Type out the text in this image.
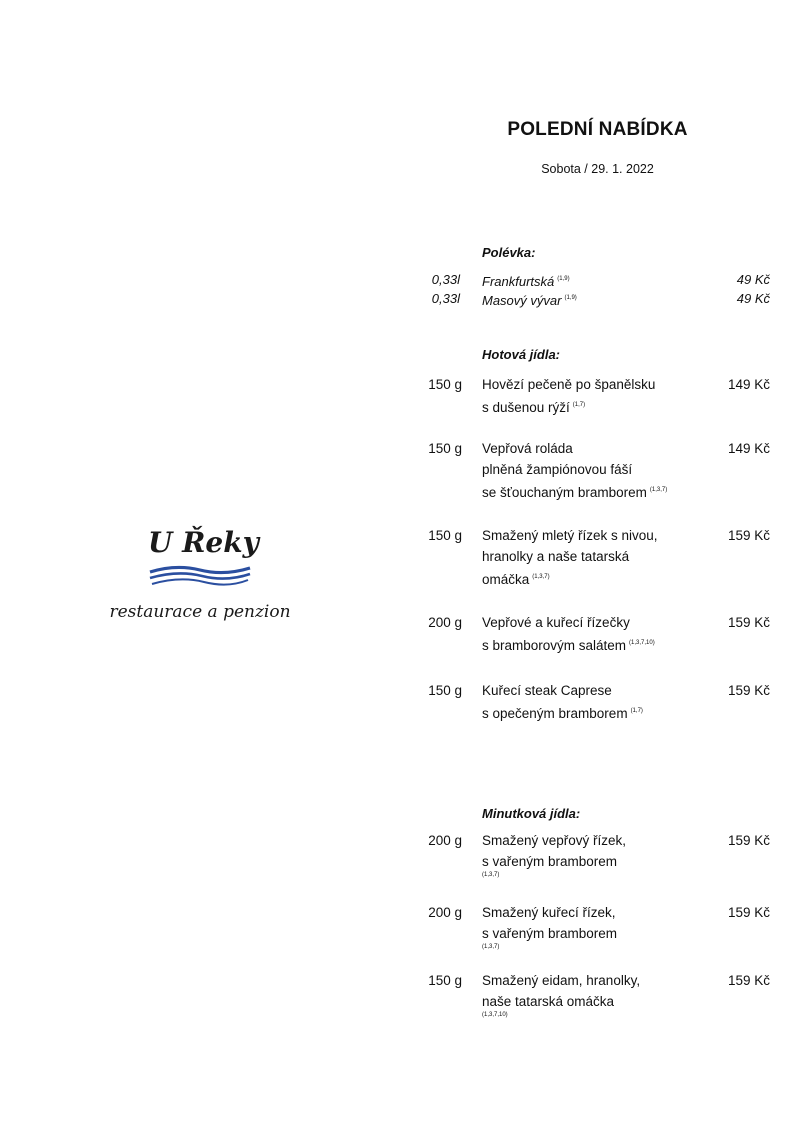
POLEDNÍ NABÍDKA
Sobota / 29. 1. 2022
U Řeky
restaurace a penzion
Polévka:
0,33l Frankfurtská $^{(1,9)}$	49 Kč
0,33l Masový vývar $^{(1,9)}$	49 Kč
Hotová jídla:
150 g Hovězí pečeně po španělsku
s dušenou rýží $^{(1,7)}$
149 Kč
150 g Vepřová roláda
plněná žampiónovou fáší
se šťouchaným bramborem $^{(1,3,7)}$
149 Kč
150 g Smažený mletý řízek s nivou,
hranolky a naše tatarská
omáčka $^{(1,3,7)}$
159 Kč
200 g Vepřové a kuřecí řízečky
s bramborovým salátem $^{(1,3,7,10)}$
159 Kč
150 g Kuřecí steak Caprese
s opečeným bramborem $^{(1,7)}$
159 Kč
Minutková jídla:
200 g Smažený vepřový řízek,
s vařeným bramborem
(1,3,7)
159 Kč
200 g Smažený kuřecí řízek,
s vařeným bramborem
(1,3,7)
159 Kč
150 g Smažený eidam, hranolky,
naše tatarská omáčka
(1,3,7,10)
159 Kč
